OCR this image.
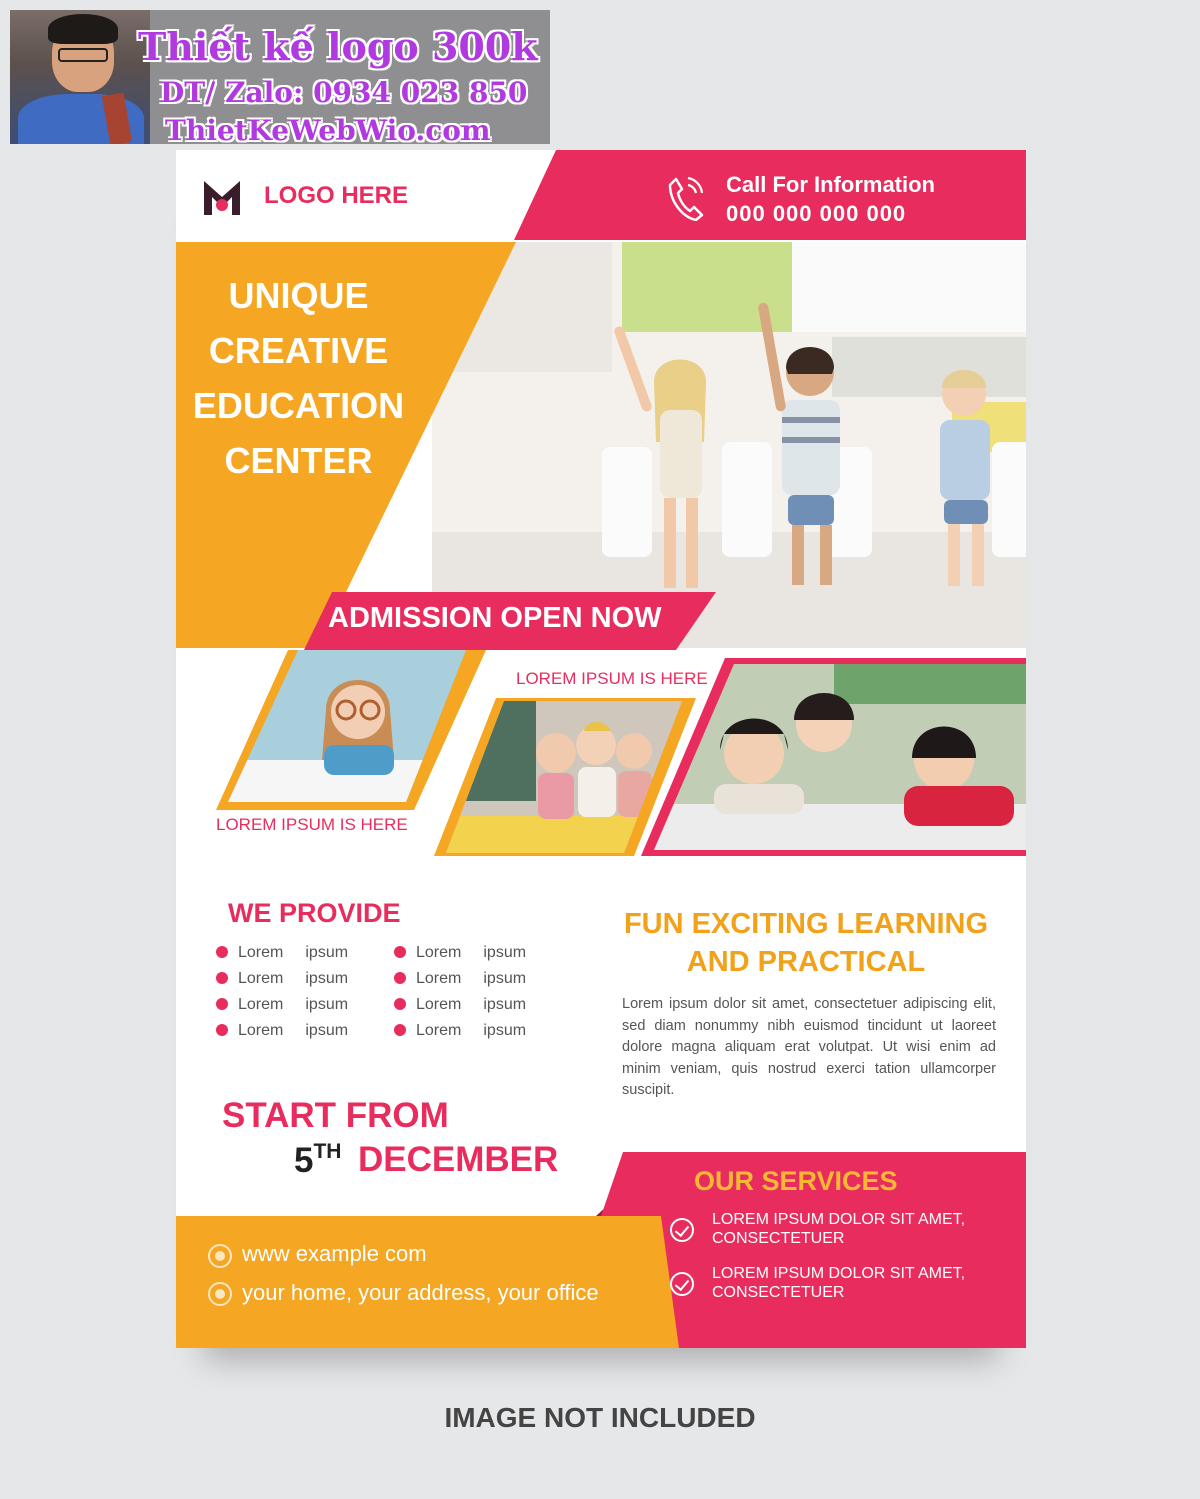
Thiết kế logo 300k
DT/ Zalo: 0934 023 850
ThietKeWebWio.com
LOGO HERE	Call For Information
000 000 000 000
UNIQUE
CREATIVE
EDUCATION
CENTER
ADMISSION OPEN NOW
LOREM IPSUM IS HERE
LOREM IPSUM IS HERE
WE PROVIDE
Lorem ipsum
Lorem ipsum
Lorem ipsum
Lorem ipsum
Lorem ipsum
Lorem ipsum
Lorem ipsum
Lorem ipsum
FUN EXCITING LEARNING
AND PRACTICAL
Lorem ipsum dolor sit amet, consectetuer adipiscing elit, sed diam nonummy nibh euismod tincidunt ut laoreet dolore magna aliquam erat volutpat. Ut wisi enim ad minim veniam, quis nostrud exerci tation ullamcorper suscipit.
START FROM
5TH DECEMBER
www example com
your home, your address, your office
OUR SERVICES
LOREM IPSUM DOLOR SIT AMET, CONSECTETUER
LOREM IPSUM DOLOR SIT AMET, CONSECTETUER
IMAGE NOT INCLUDED
